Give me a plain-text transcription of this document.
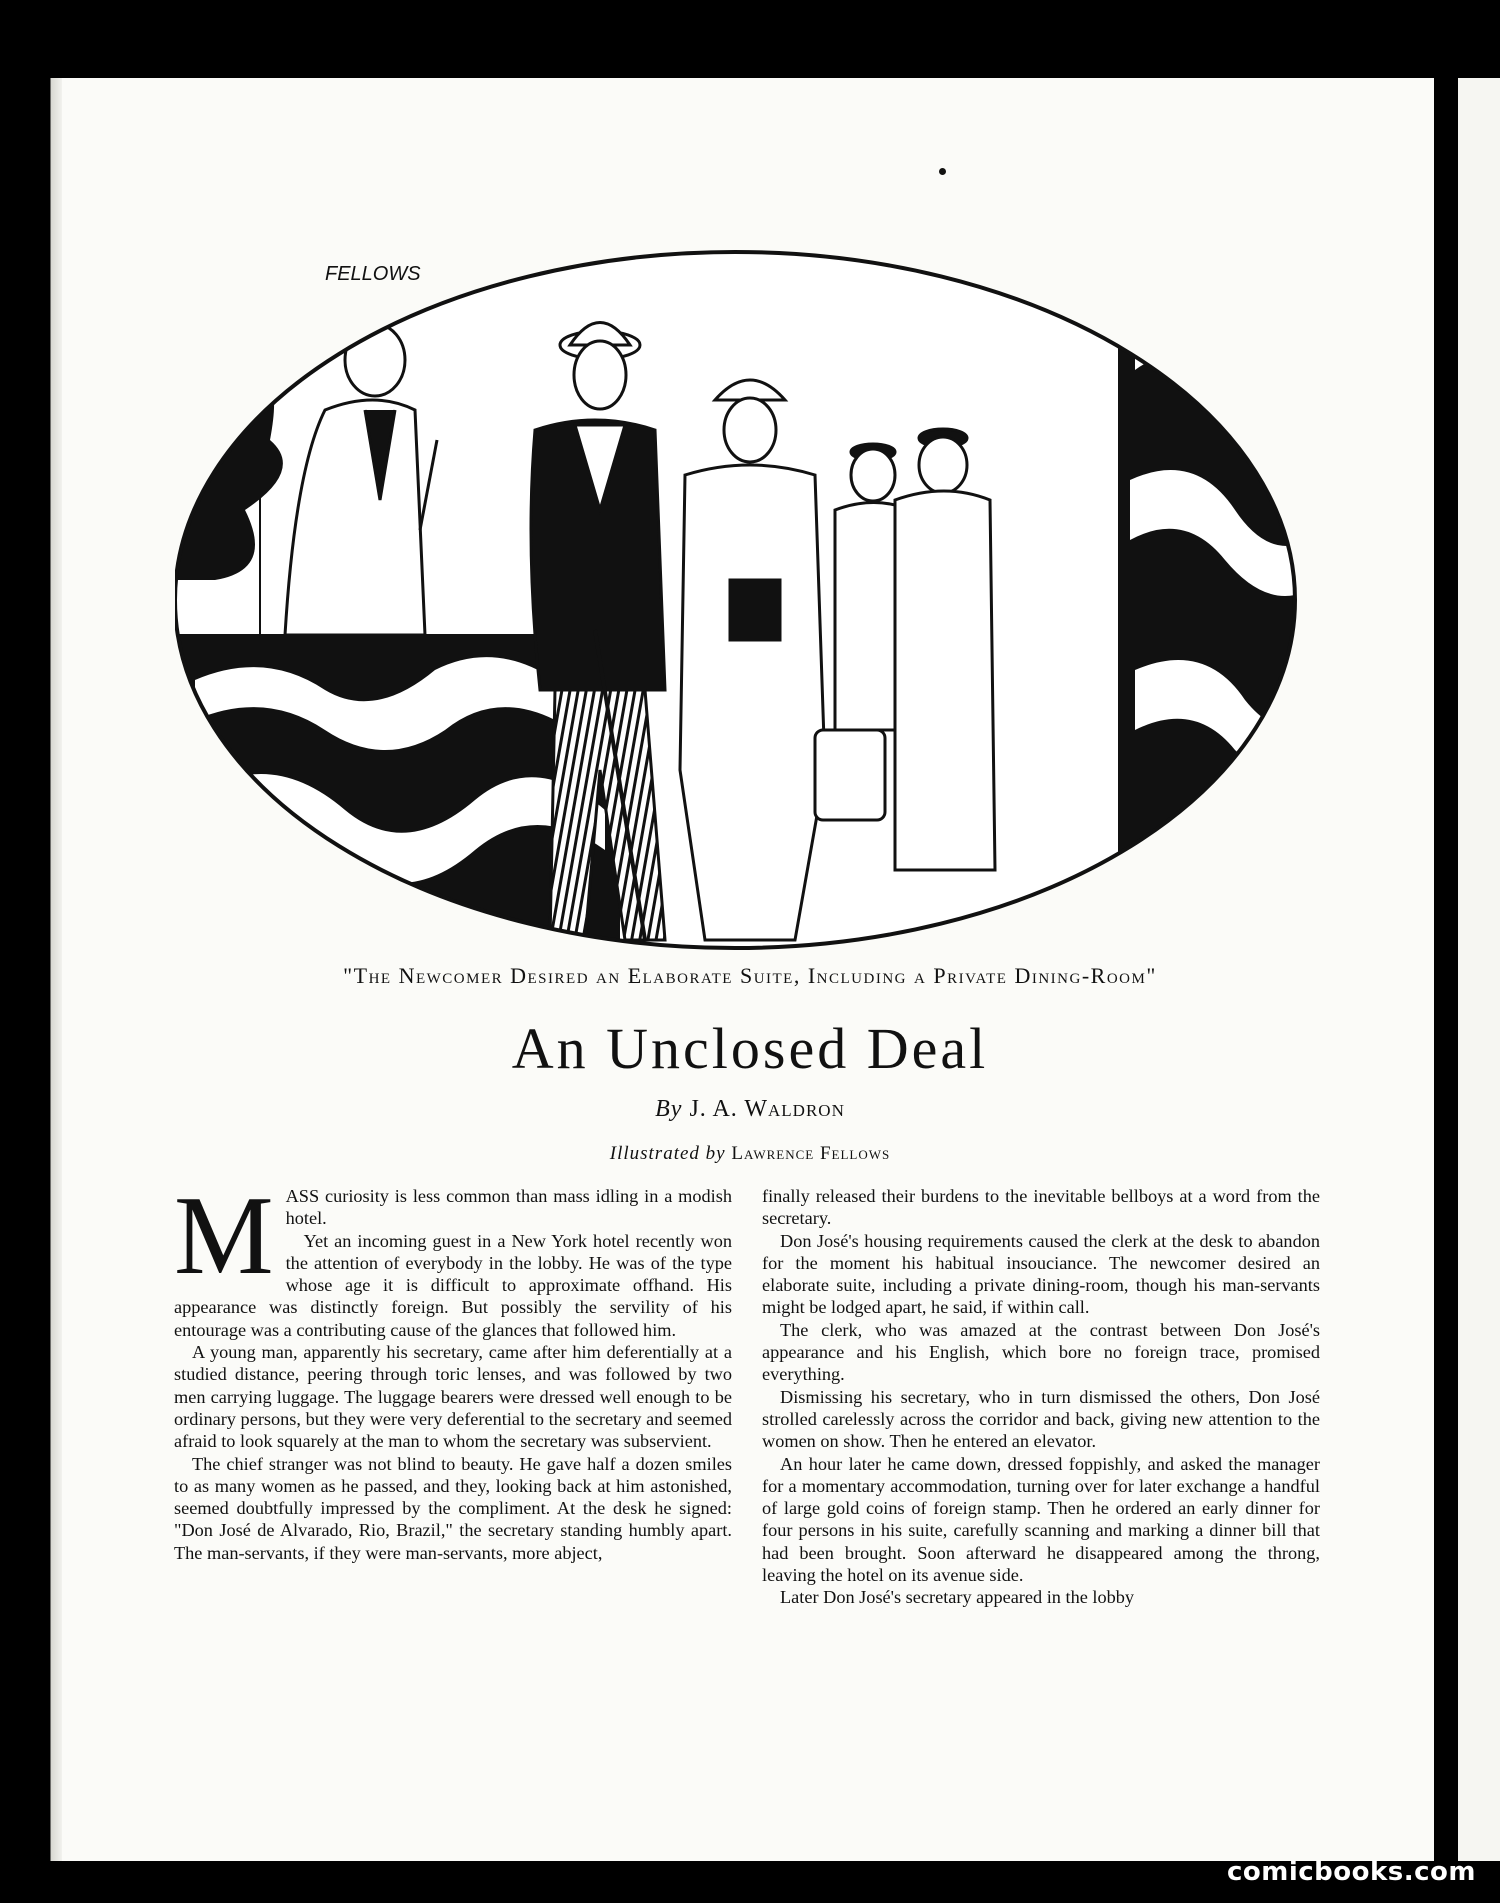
FELLOWS
"The Newcomer Desired an Elaborate Suite, Including a Private Dining-Room"
An Unclosed Deal
By J. A. Waldron
Illustrated by Lawrence Fellows

MASS curiosity is less common than mass idling in a modish hotel.

Yet an incoming guest in a New York hotel recently won the attention of everybody in the lobby. He was of the type whose age it is difficult to approximate offhand. His appearance was distinctly foreign. But possibly the servility of his entourage was a contributing cause of the glances that followed him.

A young man, apparently his secretary, came after him deferentially at a studied distance, peering through toric lenses, and was followed by two men carrying luggage. The luggage bearers were dressed well enough to be ordinary persons, but they were very deferential to the secretary and seemed afraid to look squarely at the man to whom the secretary was subservient.

The chief stranger was not blind to beauty. He gave half a dozen smiles to as many women as he passed, and they, looking back at him astonished, seemed doubtfully impressed by the compliment. At the desk he signed: "Don José de Alvarado, Rio, Brazil," the secretary standing humbly apart. The man-servants, if they were man-servants, more abject,

finally released their burdens to the inevitable bellboys at a word from the secretary.

Don José's housing requirements caused the clerk at the desk to abandon for the moment his habitual insouciance. The newcomer desired an elaborate suite, including a private dining-room, though his man-servants might be lodged apart, he said, if within call.

The clerk, who was amazed at the contrast between Don José's appearance and his English, which bore no foreign trace, promised everything.

Dismissing his secretary, who in turn dismissed the others, Don José strolled carelessly across the corridor and back, giving new attention to the women on show. Then he entered an elevator.

An hour later he came down, dressed foppishly, and asked the manager for a momentary accommodation, turning over for later exchange a handful of large gold coins of foreign stamp. Then he ordered an early dinner for four persons in his suite, carefully scanning and marking a dinner bill that had been brought. Soon afterward he disappeared among the throng, leaving the hotel on its avenue side.

Later Don José's secretary appeared in the lobby

comicbooks.com
